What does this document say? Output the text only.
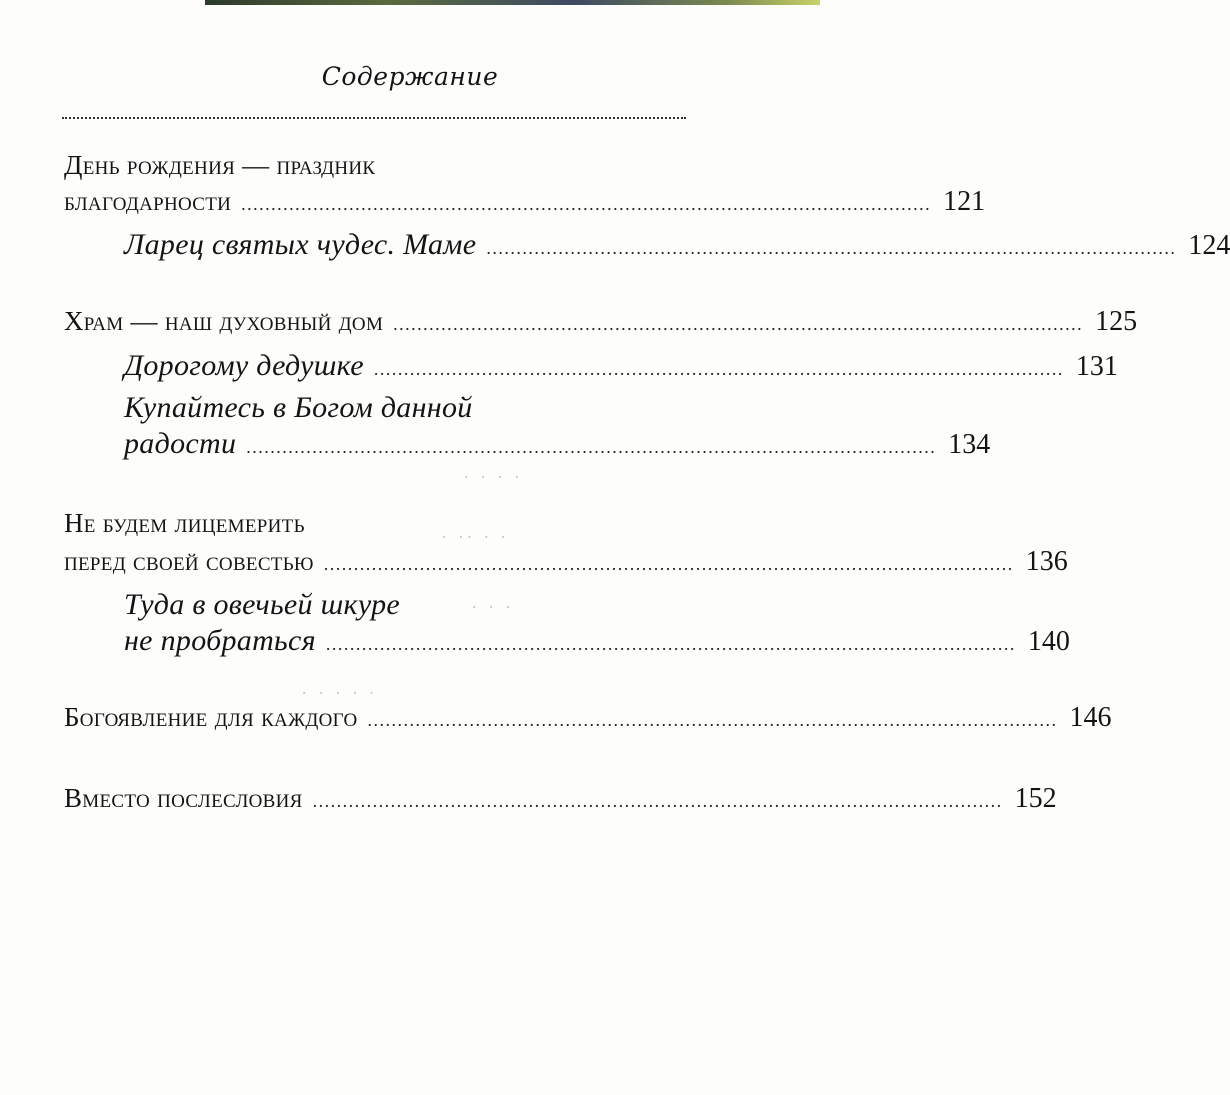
Содержание
День рождения — праздник
благодарности ................................................................................................................... 121
Ларец святых чудес. Маме ................................................................................................................... 124
Храм — наш духовный дом ................................................................................................................... 125
Дорогому дедушке ................................................................................................................... 131
Купайтесь в Богом данной
радости ................................................................................................................... 134
Не будем лицемерить
перед своей совестью ................................................................................................................... 136
Туда в овечьей шкуре
не пробраться ................................................................................................................... 140
Богоявление для каждого ................................................................................................................... 146
Вместо послесловия ................................................................................................................... 152
· · · ·
· ·· · ·
· · ·
· · · · ·
